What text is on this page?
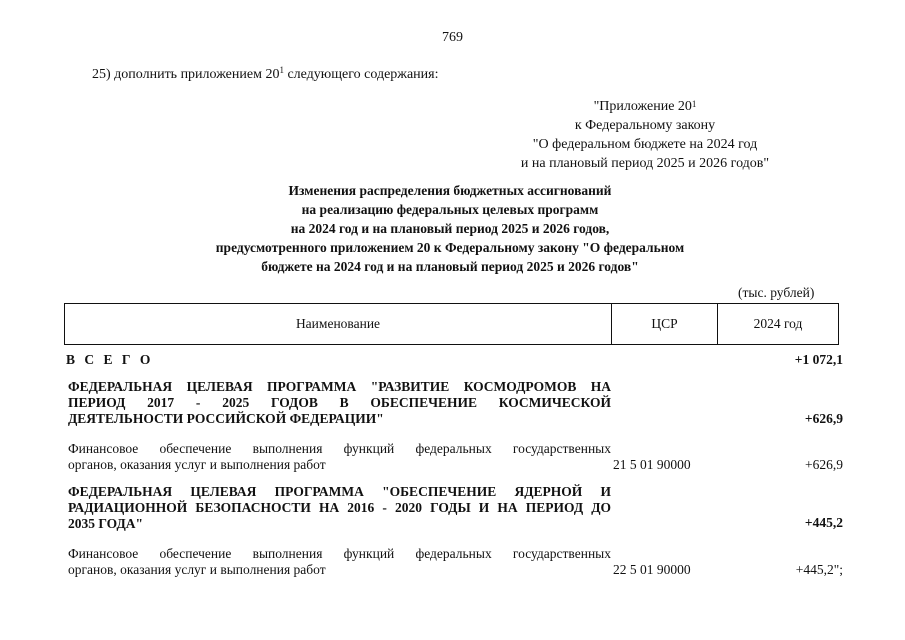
769
25) дополнить приложением $20^1$ следующего содержания:
"Приложение $20^1$
к Федеральному закону
"О федеральном бюджете на 2024 год
и на плановый период 2025 и 2026 годов"
Изменения распределения бюджетных ассигнований
на реализацию федеральных целевых программ
на 2024 год и на плановый период 2025 и 2026 годов,
предусмотренного приложением 20 к Федеральному закону "О федеральном
бюджете на 2024 год и на плановый период 2025 и 2026 годов"
(тыс. рублей)
Наименование	ЦСР	2024 год
В С Е Г О	+1 072,1
ФЕДЕРАЛЬНАЯ ЦЕЛЕВАЯ ПРОГРАММА "РАЗВИТИЕ КОСМОДРОМОВ НА
ПЕРИОД 2017 - 2025 ГОДОВ В ОБЕСПЕЧЕНИЕ КОСМИЧЕСКОЙ
ДЕЯТЕЛЬНОСТИ РОССИЙСКОЙ ФЕДЕРАЦИИ"	+626,9
Финансовое обеспечение выполнения функций федеральных государственных
органов, оказания услуг и выполнения работ	21 5 01 90000	+626,9
ФЕДЕРАЛЬНАЯ ЦЕЛЕВАЯ ПРОГРАММА "ОБЕСПЕЧЕНИЕ ЯДЕРНОЙ И
РАДИАЦИОННОЙ БЕЗОПАСНОСТИ НА 2016 - 2020 ГОДЫ И НА ПЕРИОД ДО
2035 ГОДА"	+445,2
Финансовое обеспечение выполнения функций федеральных государственных
органов, оказания услуг и выполнения работ	22 5 01 90000	+445,2";
